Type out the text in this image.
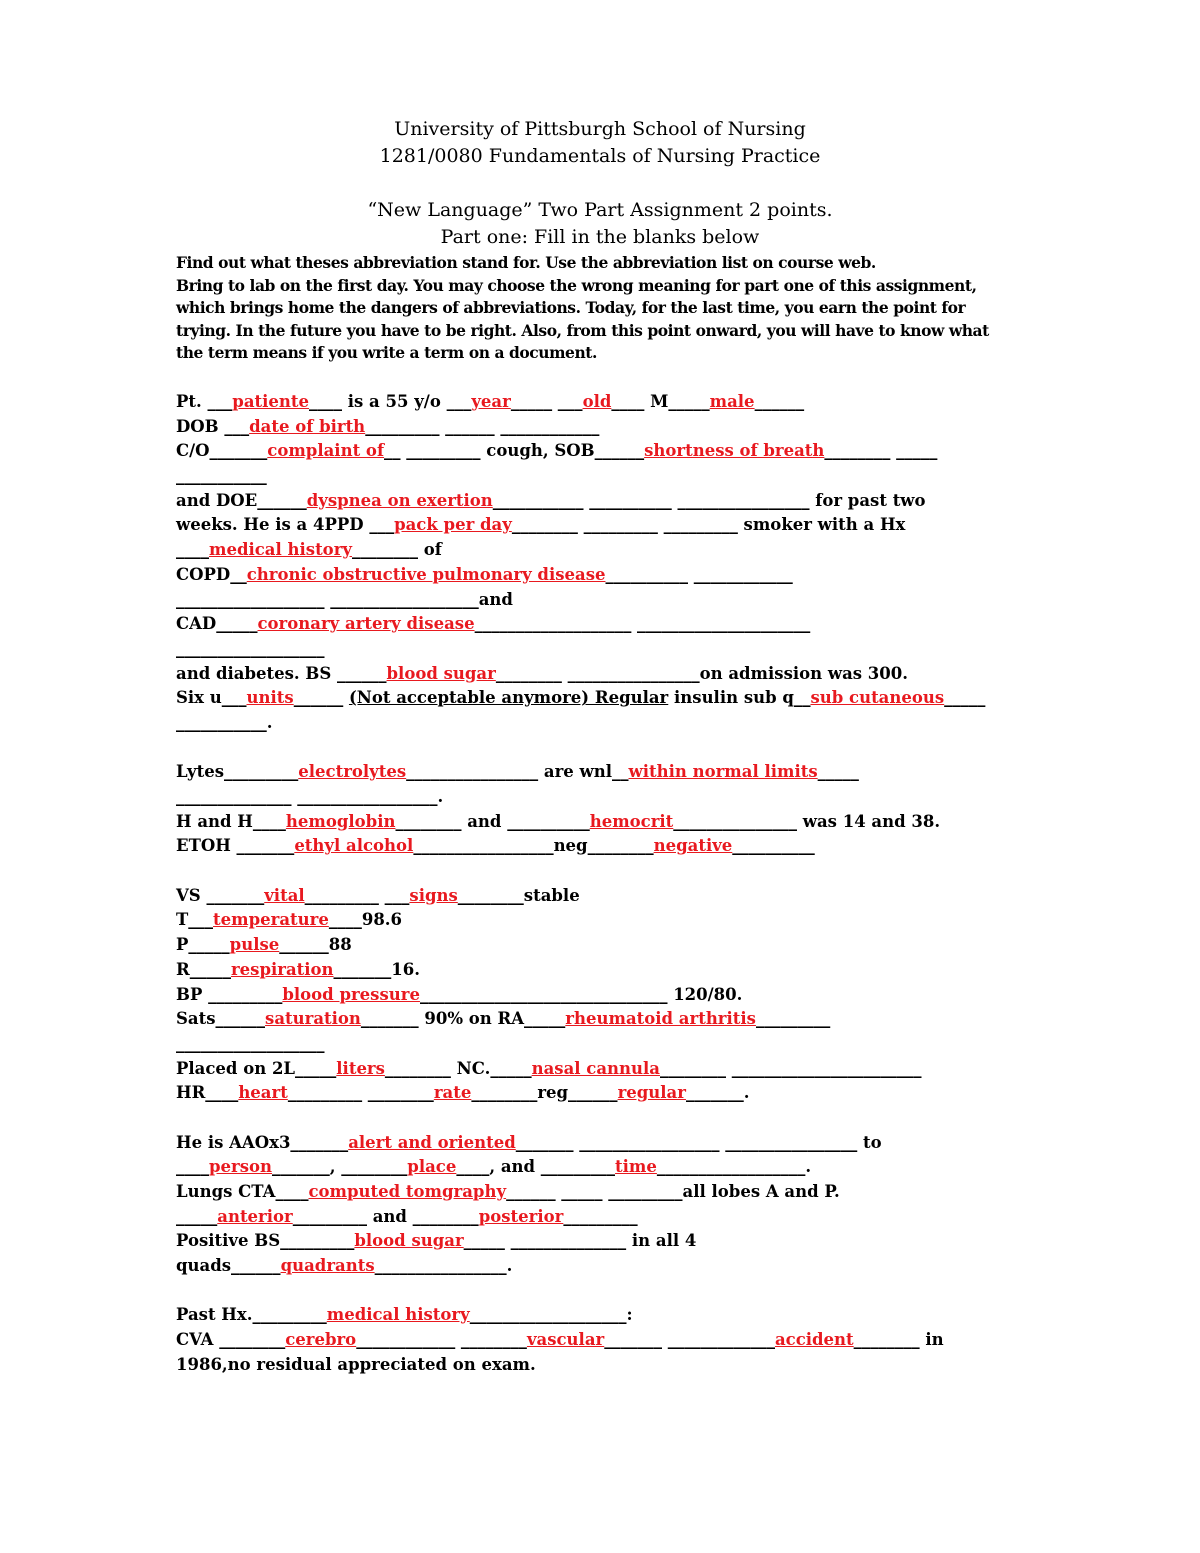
University of Pittsburgh School of Nursing
1281/0080 Fundamentals of Nursing Practice
“New Language” Two Part Assignment 2 points.
Part one: Fill in the blanks below
Find out what theses abbreviation stand for. Use the abbreviation list on course web.
Bring to lab on the first day. You may choose the wrong meaning for part one of this assignment,
which brings home the dangers of abbreviations. Today, for the last time, you earn the point for
trying. In the future you have to be right. Also, from this point onward, you will have to know what
the term means if you write a term on a document.
Pt. ___patiente____ is a 55 y/o ___year_____ ___old____ M_____male______
DOB ___date of birth_________ ______ ____________
C/O_______complaint of__ _________ cough, SOB______shortness of breath________ _____
___________
and DOE______dyspnea on exertion___________ __________ ________________ for past two
weeks. He is a 4PPD ___pack per day________ _________ _________ smoker with a Hx
____medical history________ of
COPD__chronic obstructive pulmonary disease__________ ____________
__________________ __________________and
CAD_____coronary artery disease___________________ _____________________
__________________
and diabetes. BS ______blood sugar________ ________________on admission was 300.
Six u___units______ (Not acceptable anymore) Regular insulin sub q__sub cutaneous_____
___________.
Lytes_________electrolytes________________ are wnl__within normal limits_____
______________ _________________.
H and H____hemoglobin________ and __________hemocrit_______________ was 14 and 38.
ETOH _______ethyl alcohol_________________neg________negative__________
VS _______vital_________ ___signs________stable
T___temperature____98.6
P_____pulse______88
R_____respiration_______16.
BP _________blood pressure______________________________ 120/80.
Sats______saturation_______ 90% on RA_____rheumatoid arthritis_________
__________________
Placed on 2L_____liters________ NC._____nasal cannula________ _______________________
HR____heart_________ ________rate________reg______regular_______.
He is AAOx3_______alert and oriented_______ _________________ ________________ to
____person_______, ________place____, and _________time__________________.
Lungs CTA____computed tomgraphy______ _____ _________all lobes A and P.
_____anterior_________ and ________posterior_________
Positive BS_________blood sugar_____ ______________ in all 4
quads______quadrants________________.
Past Hx._________medical history___________________:
CVA ________cerebro____________ ________vascular_______ _____________accident________ in
1986,no residual appreciated on exam.
